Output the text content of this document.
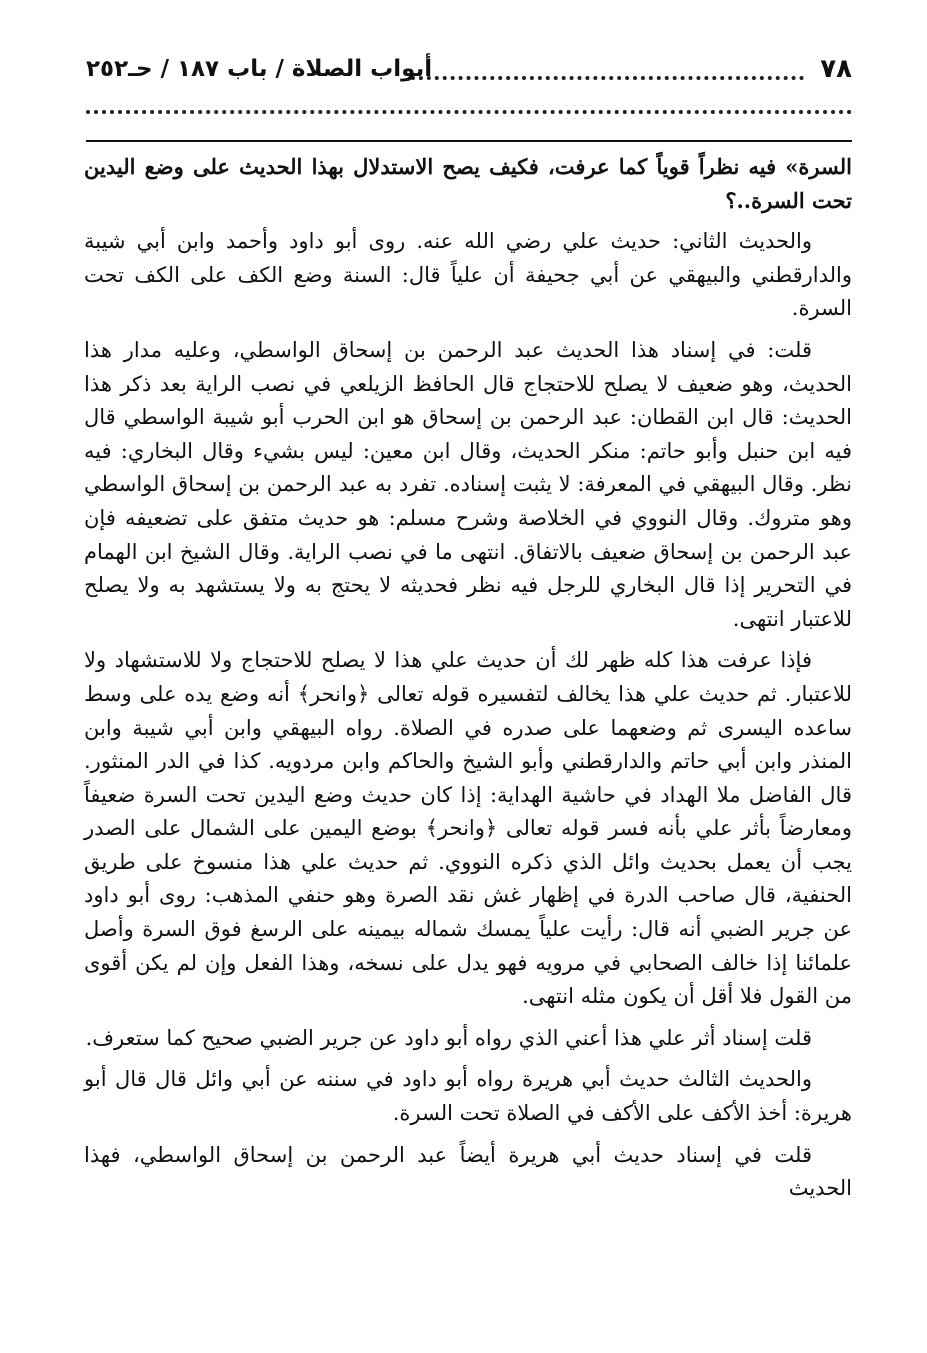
٧٨
أبواب الصلاة / باب ١٨٧ / حـ٢٥٢

السرة» فيه نظراً قوياً كما عرفت، فكيف يصح الاستدلال بهذا الحديث على وضع اليدين تحت السرة..؟

والحديث الثاني: حديث علي رضي الله عنه. روى أبو داود وأحمد وابن أبي شيبة والدارقطني والبيهقي عن أبي جحيفة أن علياً قال: السنة وضع الكف على الكف تحت السرة.

قلت: في إسناد هذا الحديث عبد الرحمن بن إسحاق الواسطي، وعليه مدار هذا الحديث، وهو ضعيف لا يصلح للاحتجاج قال الحافظ الزيلعي في نصب الراية بعد ذكر هذا الحديث: قال ابن القطان: عبد الرحمن بن إسحاق هو ابن الحرب أبو شيبة الواسطي قال فيه ابن حنبل وأبو حاتم: منكر الحديث، وقال ابن معين: ليس بشيء وقال البخاري: فيه نظر. وقال البيهقي في المعرفة: لا يثبت إسناده. تفرد به عبد الرحمن بن إسحاق الواسطي وهو متروك. وقال النووي في الخلاصة وشرح مسلم: هو حديث متفق على تضعيفه فإن عبد الرحمن بن إسحاق ضعيف بالاتفاق. انتهى ما في نصب الراية. وقال الشيخ ابن الهمام في التحرير إذا قال البخاري للرجل فيه نظر فحديثه لا يحتج به ولا يستشهد به ولا يصلح للاعتبار انتهى.

فإذا عرفت هذا كله ظهر لك أن حديث علي هذا لا يصلح للاحتجاج ولا للاستشهاد ولا للاعتبار. ثم حديث علي هذا يخالف لتفسيره قوله تعالى ﴿وانحر﴾ أنه وضع يده على وسط ساعده اليسرى ثم وضعهما على صدره في الصلاة. رواه البيهقي وابن أبي شيبة وابن المنذر وابن أبي حاتم والدارقطني وأبو الشيخ والحاكم وابن مردويه. كذا في الدر المنثور. قال الفاضل ملا الهداد في حاشية الهداية: إذا كان حديث وضع اليدين تحت السرة ضعيفاً ومعارضاً بأثر علي بأنه فسر قوله تعالى ﴿وانحر﴾ بوضع اليمين على الشمال على الصدر يجب أن يعمل بحديث وائل الذي ذكره النووي. ثم حديث علي هذا منسوخ على طريق الحنفية، قال صاحب الدرة في إظهار غش نقد الصرة وهو حنفي المذهب: روى أبو داود عن جرير الضبي أنه قال: رأيت علياً يمسك شماله بيمينه على الرسغ فوق السرة وأصل علمائنا إذا خالف الصحابي في مرويه فهو يدل على نسخه، وهذا الفعل وإن لم يكن أقوى من القول فلا أقل أن يكون مثله انتهى.

قلت إسناد أثر علي هذا أعني الذي رواه أبو داود عن جرير الضبي صحيح كما ستعرف.

والحديث الثالث حديث أبي هريرة رواه أبو داود في سننه عن أبي وائل قال قال أبو هريرة: أخذ الأكف على الأكف في الصلاة تحت السرة.

قلت في إسناد حديث أبي هريرة أيضاً عبد الرحمن بن إسحاق الواسطي، فهذا الحديث
